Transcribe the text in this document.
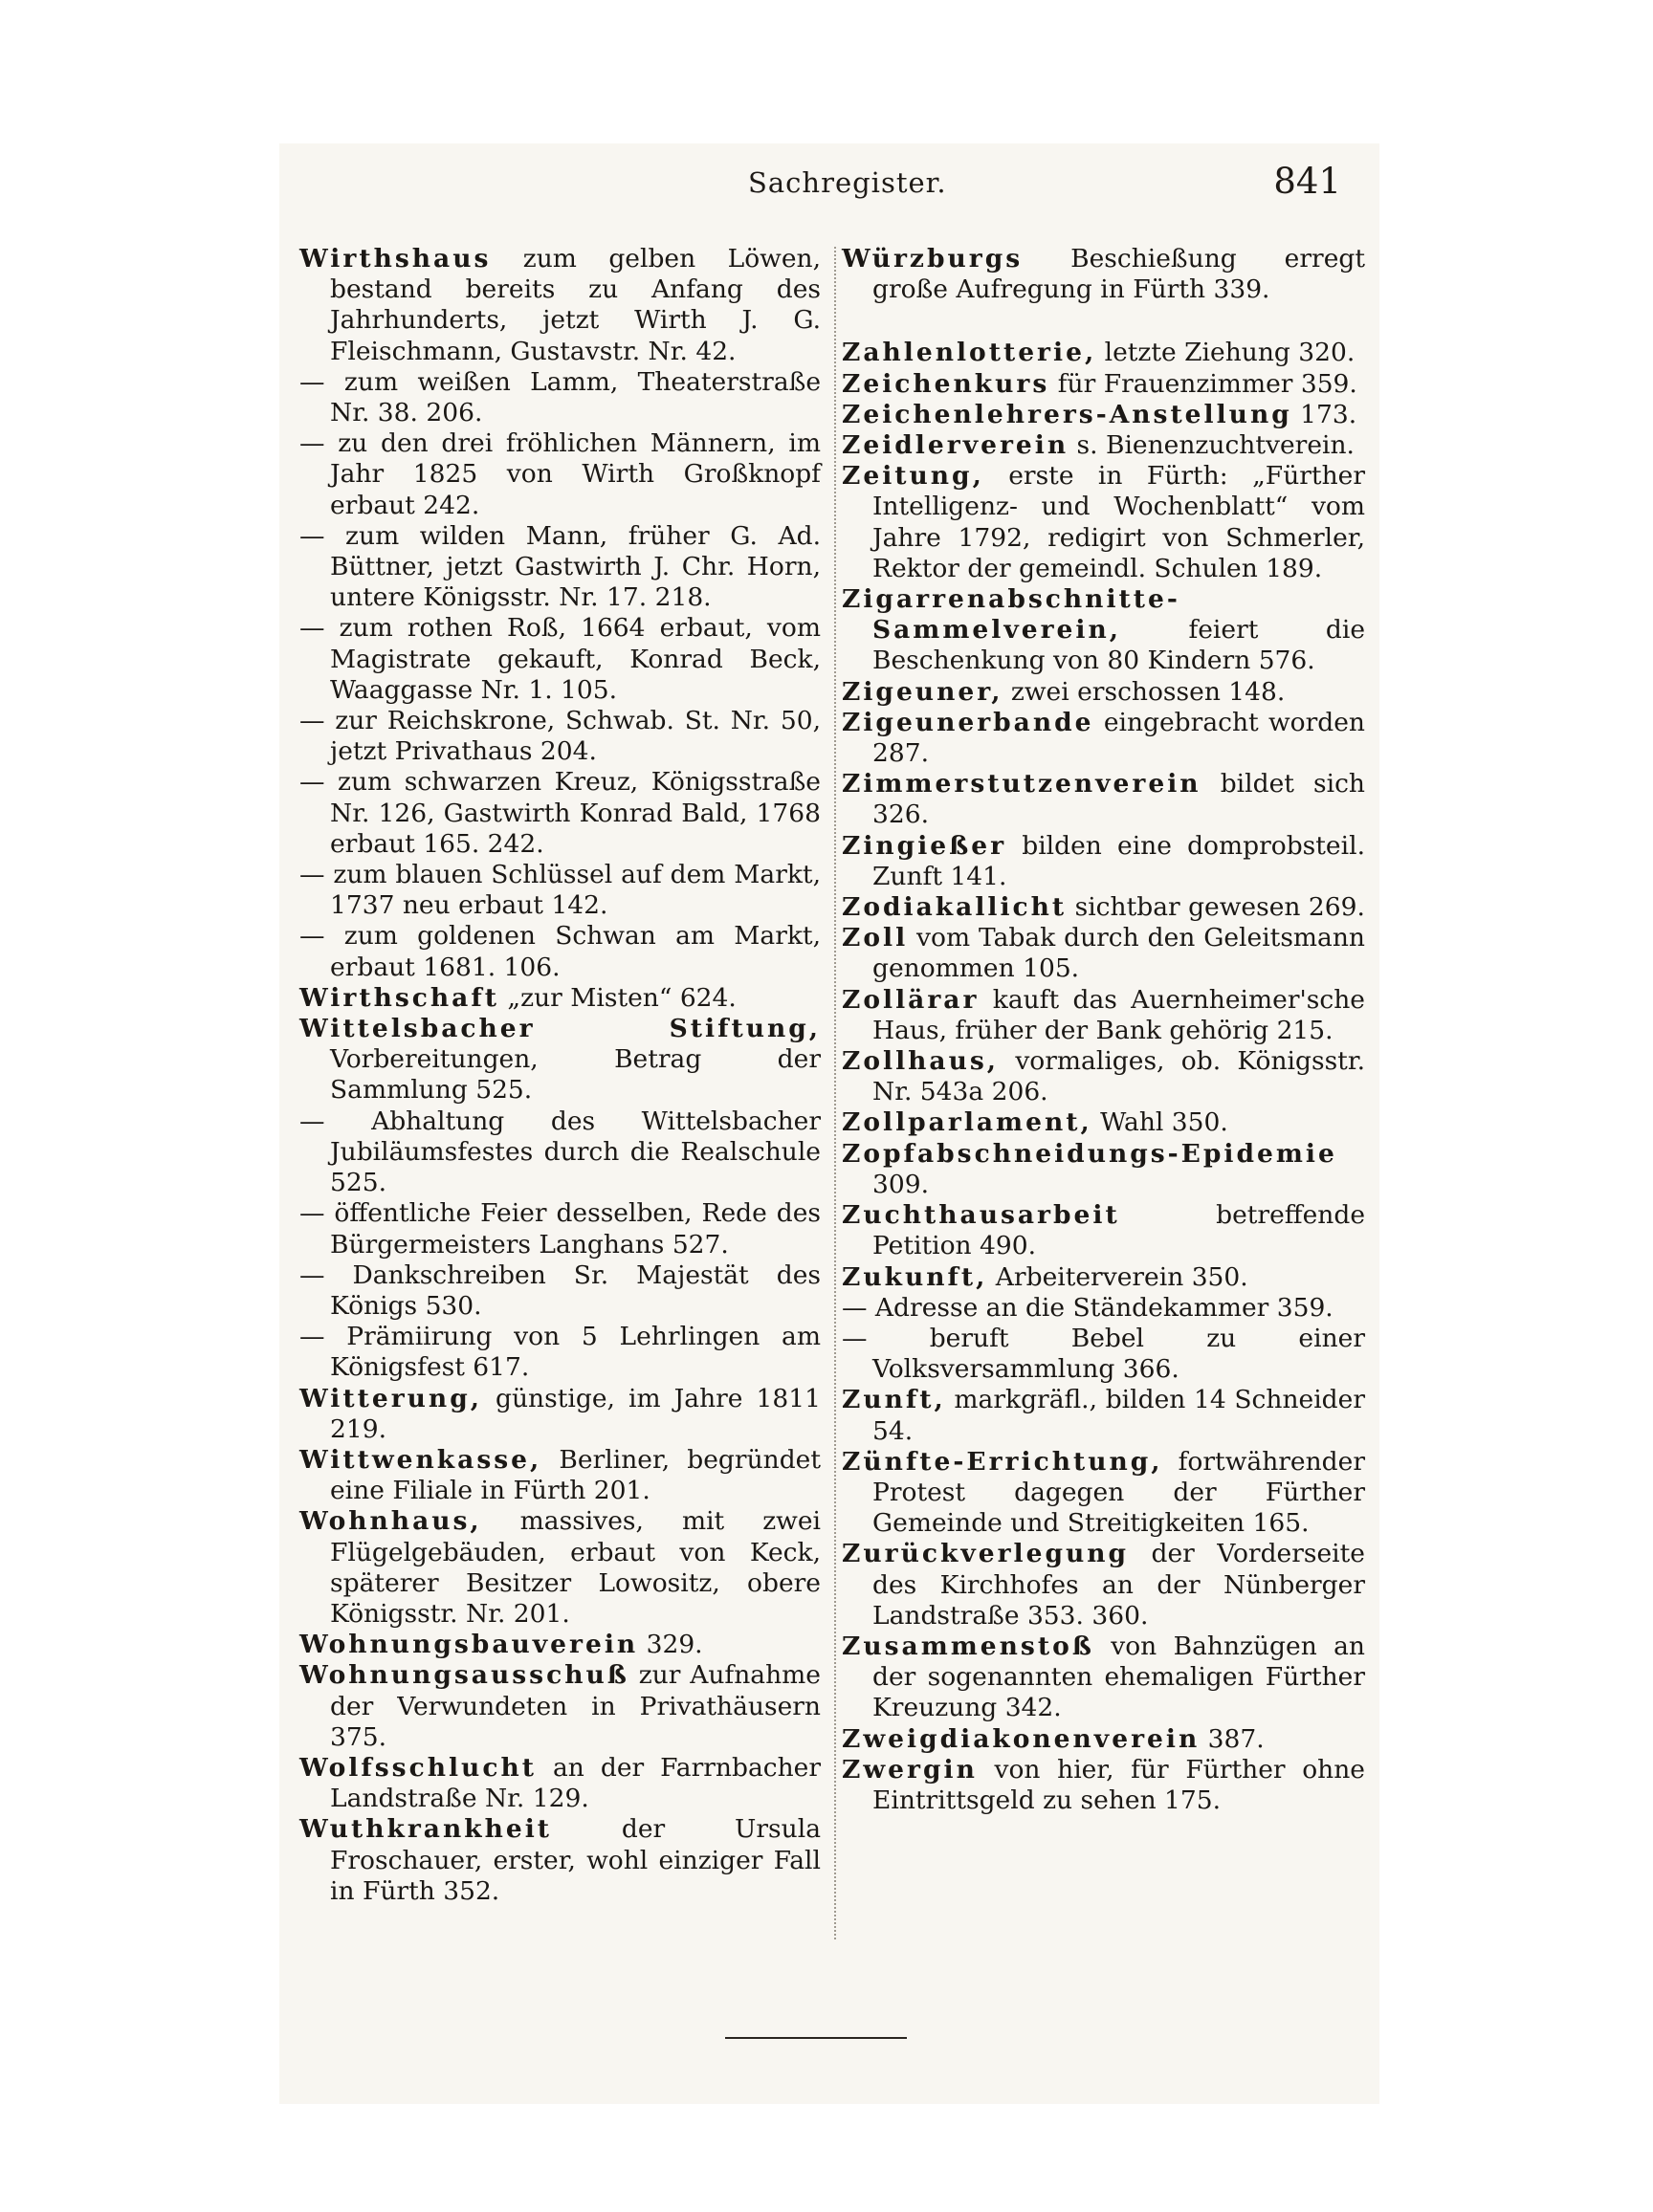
Sachregister.	841

Wirthshaus zum gelben Löwen, bestand bereits zu Anfang des Jahrhunderts, jetzt Wirth J. G. Fleischmann, Gustavstr. Nr. 42.

— zum weißen Lamm, Theaterstraße Nr. 38. 206.

— zu den drei fröhlichen Männern, im Jahr 1825 von Wirth Großknopf erbaut 242.

— zum wilden Mann, früher G. Ad. Büttner, jetzt Gastwirth J. Chr. Horn, untere Königsstr. Nr. 17. 218.

— zum rothen Roß, 1664 erbaut, vom Magistrate gekauft, Konrad Beck, Waaggasse Nr. 1. 105.

— zur Reichskrone, Schwab. St. Nr. 50, jetzt Privathaus 204.

— zum schwarzen Kreuz, Königsstraße Nr. 126, Gastwirth Konrad Bald, 1768 erbaut 165. 242.

— zum blauen Schlüssel auf dem Markt, 1737 neu erbaut 142.

— zum goldenen Schwan am Markt, erbaut 1681. 106.

Wirthschaft „zur Misten“ 624.

Wittelsbacher Stiftung, Vorbereitungen, Betrag der Sammlung 525.

— Abhaltung des Wittelsbacher Jubiläumsfestes durch die Realschule 525.

— öffentliche Feier desselben, Rede des Bürgermeisters Langhans 527.

— Dankschreiben Sr. Majestät des Königs 530.

— Prämiirung von 5 Lehrlingen am Königsfest 617.

Witterung, günstige, im Jahre 1811 219.

Wittwenkasse, Berliner, begründet eine Filiale in Fürth 201.

Wohnhaus, massives, mit zwei Flügelgebäuden, erbaut von Keck, späterer Besitzer Lowositz, obere Königsstr. Nr. 201.

Wohnungsbauverein 329.

Wohnungsausschuß zur Aufnahme der Verwundeten in Privathäusern 375.

Wolfsschlucht an der Farrnbacher Landstraße Nr. 129.

Wuthkrankheit der Ursula Froschauer, erster, wohl einziger Fall in Fürth 352.

Würzburgs Beschießung erregt große Aufregung in Fürth 339.

Zahlenlotterie, letzte Ziehung 320.

Zeichenkurs für Frauenzimmer 359.

Zeichenlehrers-Anstellung 173.

Zeidlerverein s. Bienenzuchtverein.

Zeitung, erste in Fürth: „Fürther Intelligenz- und Wochenblatt“ vom Jahre 1792, redigirt von Schmerler, Rektor der gemeindl. Schulen 189.

Zigarrenabschnitte-Sammelverein, feiert die Beschenkung von 80 Kindern 576.

Zigeuner, zwei erschossen 148.

Zigeunerbande eingebracht worden 287.

Zimmerstutzenverein bildet sich 326.

Zingießer bilden eine domprobsteil. Zunft 141.

Zodiakallicht sichtbar gewesen 269.

Zoll vom Tabak durch den Geleitsmann genommen 105.

Zollärar kauft das Auernheimer'sche Haus, früher der Bank gehörig 215.

Zollhaus, vormaliges, ob. Königsstr. Nr. 543a 206.

Zollparlament, Wahl 350.

Zopfabschneidungs-Epidemie 309.

Zuchthausarbeit betreffende Petition 490.

Zukunft, Arbeiterverein 350.

— Adresse an die Ständekammer 359.

— beruft Bebel zu einer Volksversammlung 366.

Zunft, markgräfl., bilden 14 Schneider 54.

Zünfte-Errichtung, fortwährender Protest dagegen der Fürther Gemeinde und Streitigkeiten 165.

Zurückverlegung der Vorderseite des Kirchhofes an der Nünberger Landstraße 353. 360.

Zusammenstoß von Bahnzügen an der sogenannten ehemaligen Fürther Kreuzung 342.

Zweigdiakonenverein 387.

Zwergin von hier, für Fürther ohne Eintrittsgeld zu sehen 175.
